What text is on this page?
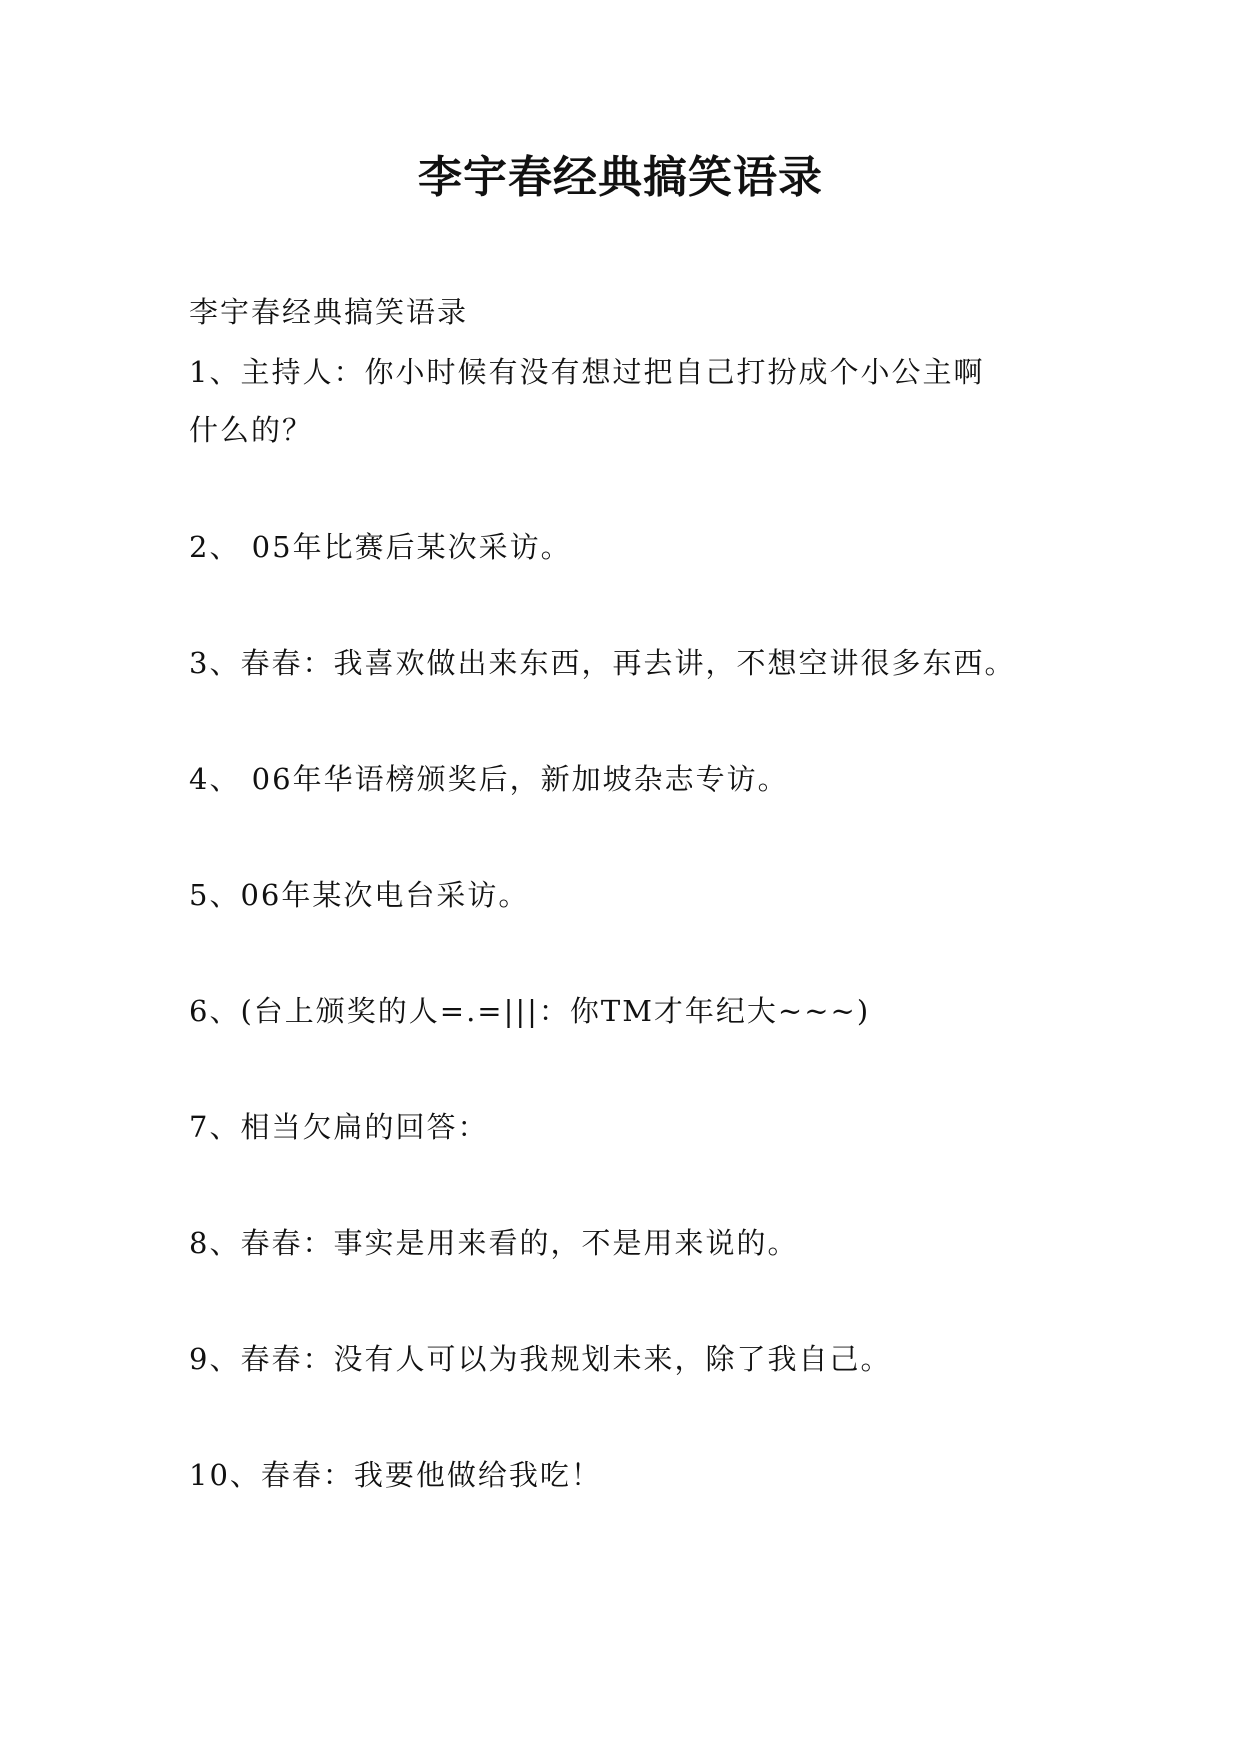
李宇春经典搞笑语录
李宇春经典搞笑语录
1、主持人：你小时候有没有想过把自己打扮成个小公主啊
什么的？
2、 05年比赛后某次采访。
3、春春：我喜欢做出来东西，再去讲，不想空讲很多东西。
4、 06年华语榜颁奖后，新加坡杂志专访。
5、06年某次电台采访。
6、(台上颁奖的人=.=|||：你TM才年纪大~~~)
7、相当欠扁的回答：
8、春春：事实是用来看的，不是用来说的。
9、春春：没有人可以为我规划未来，除了我自己。
10、春春：我要他做给我吃！
